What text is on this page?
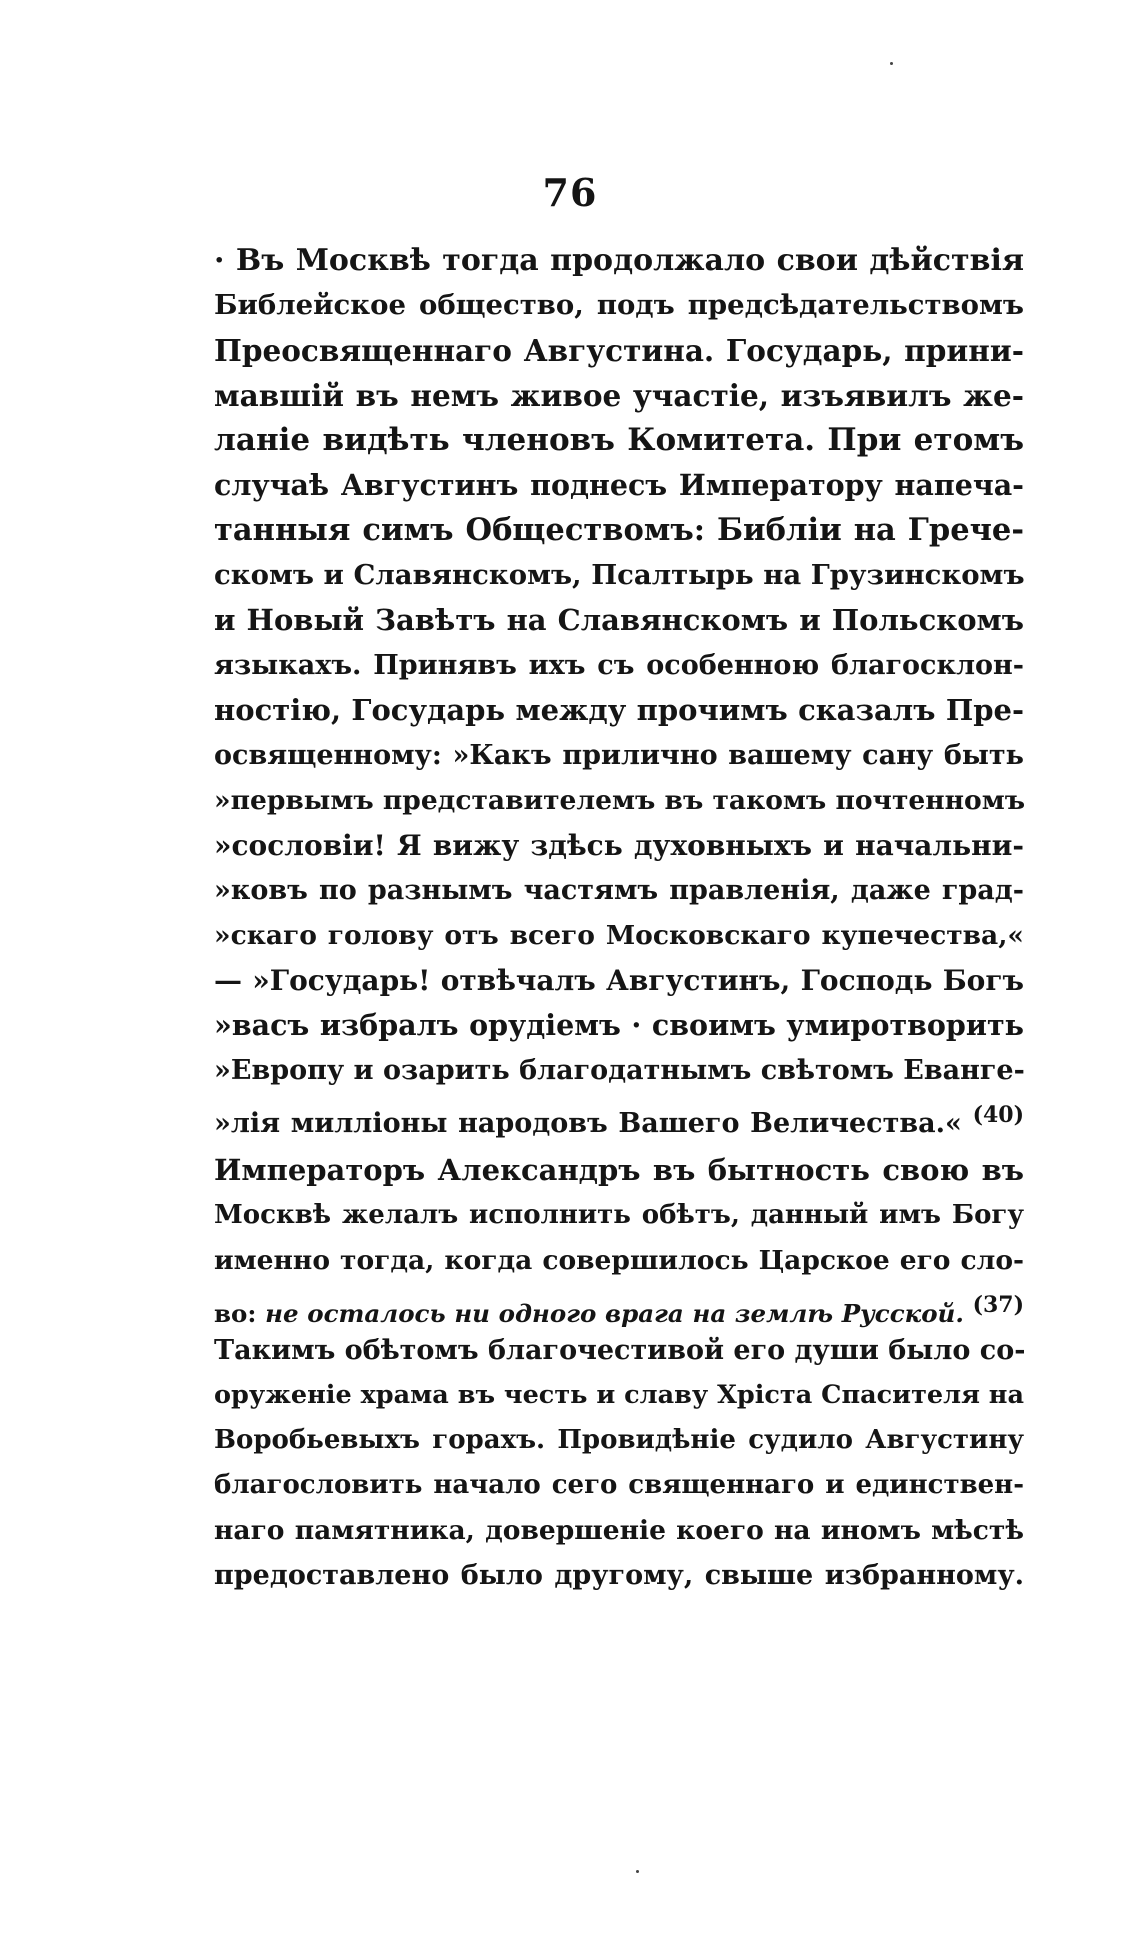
76
· Въ Москвѣ тогда продолжало свои дѣйствія
Библейское общество, подъ предсѣдательствомъ
Преосвященнаго Августина. Государь, прини-
мавшій въ немъ живое участіе, изъявилъ же-
ланіе видѣть членовъ Комитета. При етомъ
случаѣ Августинъ поднесъ Императору напеча-
танныя симъ Обществомъ: Библіи на Грече-
скомъ и Славянскомъ, Псалтырь на Грузинскомъ
и Новый Завѣтъ на Славянскомъ и Польскомъ
языкахъ. Принявъ ихъ съ особенною благосклон-
ностію, Государь между прочимъ сказалъ Пре-
освященному: »Какъ прилично вашему сану быть
»первымъ представителемъ въ такомъ почтенномъ
»сословіи! Я вижу здѣсь духовныхъ и начальни-
»ковъ по разнымъ частямъ правленія, даже град-
»скаго голову отъ всего Московскаго купечества,«
— »Государь! отвѣчалъ Августинъ, Господь Богъ
»васъ избралъ орудіемъ · своимъ умиротворить
»Европу и озарить благодатнымъ свѣтомъ Еванге-
»лія милліоны народовъ Вашего Величества.« $^{(40)}$
Императоръ Александръ въ бытность свою въ
Москвѣ желалъ исполнить обѣтъ, данный имъ Богу
именно тогда, когда совершилось Царское его сло-
во: не осталось ни одного врага на землѣ Русской. (37)
Такимъ обѣтомъ благочестивой его души было со-
оруженіе храма въ честь и славу Хріста Спасителя на
Воробьевыхъ горахъ. Провидѣніе судило Августину
благословить начало сего священнаго и единствен-
наго памятника, довершеніе коего на иномъ мѣстѣ
предоставлено было другому, свыше избранному.
